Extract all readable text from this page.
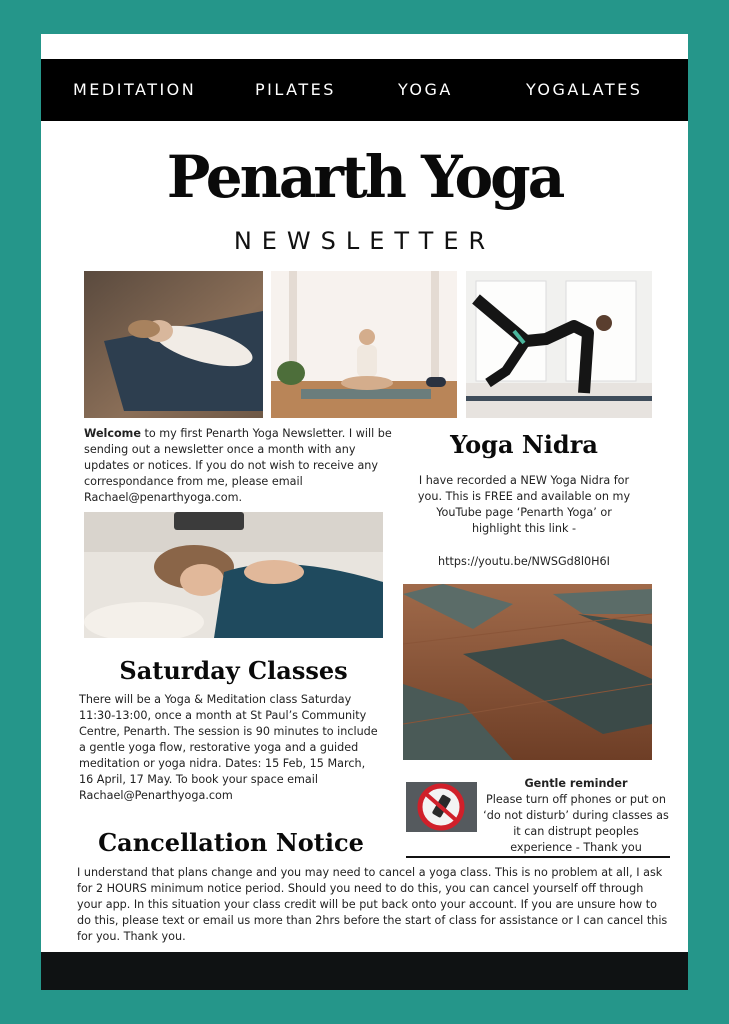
MEDITATION	PILATES	YOGA	YOGALATES
Penarth Yoga
NEWSLETTER
Welcome to my first Penarth Yoga Newsletter. I will be sending out a newsletter once a month with any updates or notices. If you do not wish to receive any correspondance from me, please email Rachael@penarthyoga.com.
Yoga Nidra
I have recorded a NEW Yoga Nidra for you. This is FREE and available on my YouTube page ‘Penarth Yoga’ or highlight this link -
https://youtu.be/NWSGd8l0H6I
Saturday Classes
There will be a Yoga & Meditation class Saturday 11:30-13:00, once a month at St Paul’s Community Centre, Penarth. The session is 90 minutes to include a gentle yoga flow, restorative yoga and a guided meditation or yoga nidra. Dates: 15 Feb, 15 March, 16 April, 17 May. To book your space email Rachael@Penarthyoga.com
Gentle reminder
Please turn off phones or put on ‘do not disturb’ during classes as it can distrupt peoples experience - Thank you
Cancellation Notice
I understand that plans change and you may need to cancel a yoga class. This is no problem at all, I ask for 2 HOURS minimum notice period. Should you need to do this, you can cancel yourself off through your app. In this situation your class credit will be put back onto your account. If you are unsure how to do this, please text or email us more than 2hrs before the start of class for assistance or I can cancel this for you. Thank you.
